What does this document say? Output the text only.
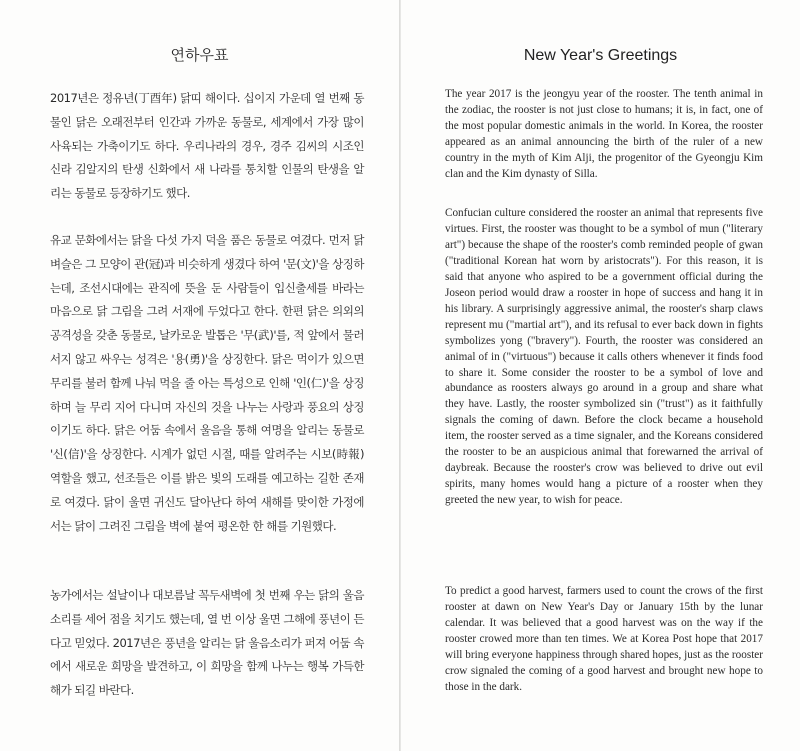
연하우표

2017년은 정유년(丁酉年) 닭띠 해이다. 십이지 가운데 열 번째 동물인 닭은 오래전부터 인간과 가까운 동물로, 세계에서 가장 많이 사육되는 가축이기도 하다. 우리나라의 경우, 경주 김씨의 시조인 신라 김알지의 탄생 신화에서 새 나라를 통치할 인물의 탄생을 알리는 동물로 등장하기도 했다.

유교 문화에서는 닭을 다섯 가지 덕을 품은 동물로 여겼다. 먼저 닭 벼슬은 그 모양이 관(冠)과 비슷하게 생겼다 하여 '문(文)'을 상징하는데, 조선시대에는 관직에 뜻을 둔 사람들이 입신출세를 바라는 마음으로 닭 그림을 그려 서재에 두었다고 한다. 한편 닭은 의외의 공격성을 갖춘 동물로, 날카로운 발톱은 '무(武)'를, 적 앞에서 물러서지 않고 싸우는 성격은 '용(勇)'을 상징한다. 닭은 먹이가 있으면 무리를 불러 함께 나눠 먹을 줄 아는 특성으로 인해 '인(仁)'을 상징하며 늘 무리 지어 다니며 자신의 것을 나누는 사랑과 풍요의 상징이기도 하다. 닭은 어둠 속에서 울음을 통해 여명을 알리는 동물로 '신(信)'을 상징한다. 시계가 없던 시절, 때를 알려주는 시보(時報) 역할을 했고, 선조들은 이를 밝은 빛의 도래를 예고하는 길한 존재로 여겼다. 닭이 울면 귀신도 달아난다 하여 새해를 맞이한 가정에서는 닭이 그려진 그림을 벽에 붙여 평온한 한 해를 기원했다.

농가에서는 설날이나 대보름날 꼭두새벽에 첫 번째 우는 닭의 울음소리를 세어 점을 치기도 했는데, 열 번 이상 울면 그해에 풍년이 든다고 믿었다. 2017년은 풍년을 알리는 닭 울음소리가 퍼져 어둠 속에서 새로운 희망을 발견하고, 이 희망을 함께 나누는 행복 가득한 해가 되길 바란다.

New Year's Greetings

The year 2017 is the jeongyu year of the rooster. The tenth animal in the zodiac, the rooster is not just close to humans; it is, in fact, one of the most popular domestic animals in the world. In Korea, the rooster appeared as an animal announcing the birth of the ruler of a new country in the myth of Kim Alji, the progenitor of the Gyeongju Kim clan and the Kim dynasty of Silla.

Confucian culture considered the rooster an animal that represents five virtues. First, the rooster was thought to be a symbol of mun ("literary art") because the shape of the rooster's comb reminded people of gwan ("traditional Korean hat worn by aristocrats"). For this reason, it is said that anyone who aspired to be a government official during the Joseon period would draw a rooster in hope of success and hang it in his library. A surprisingly aggressive animal, the rooster's sharp claws represent mu ("martial art"), and its refusal to ever back down in fights symbolizes yong ("bravery"). Fourth, the rooster was considered an animal of in ("virtuous") because it calls others whenever it finds food to share it. Some consider the rooster to be a symbol of love and abundance as roosters always go around in a group and share what they have. Lastly, the rooster symbolized sin ("trust") as it faithfully signals the coming of dawn. Before the clock became a household item, the rooster served as a time signaler, and the Koreans considered the rooster to be an auspicious animal that forewarned the arrival of daybreak. Because the rooster's crow was believed to drive out evil spirits, many homes would hang a picture of a rooster when they greeted the new year, to wish for peace.

To predict a good harvest, farmers used to count the crows of the first rooster at dawn on New Year's Day or January 15th by the lunar calendar. It was believed that a good harvest was on the way if the rooster crowed more than ten times. We at Korea Post hope that 2017 will bring everyone happiness through shared hopes, just as the rooster crow signaled the coming of a good harvest and brought new hope to those in the dark.
